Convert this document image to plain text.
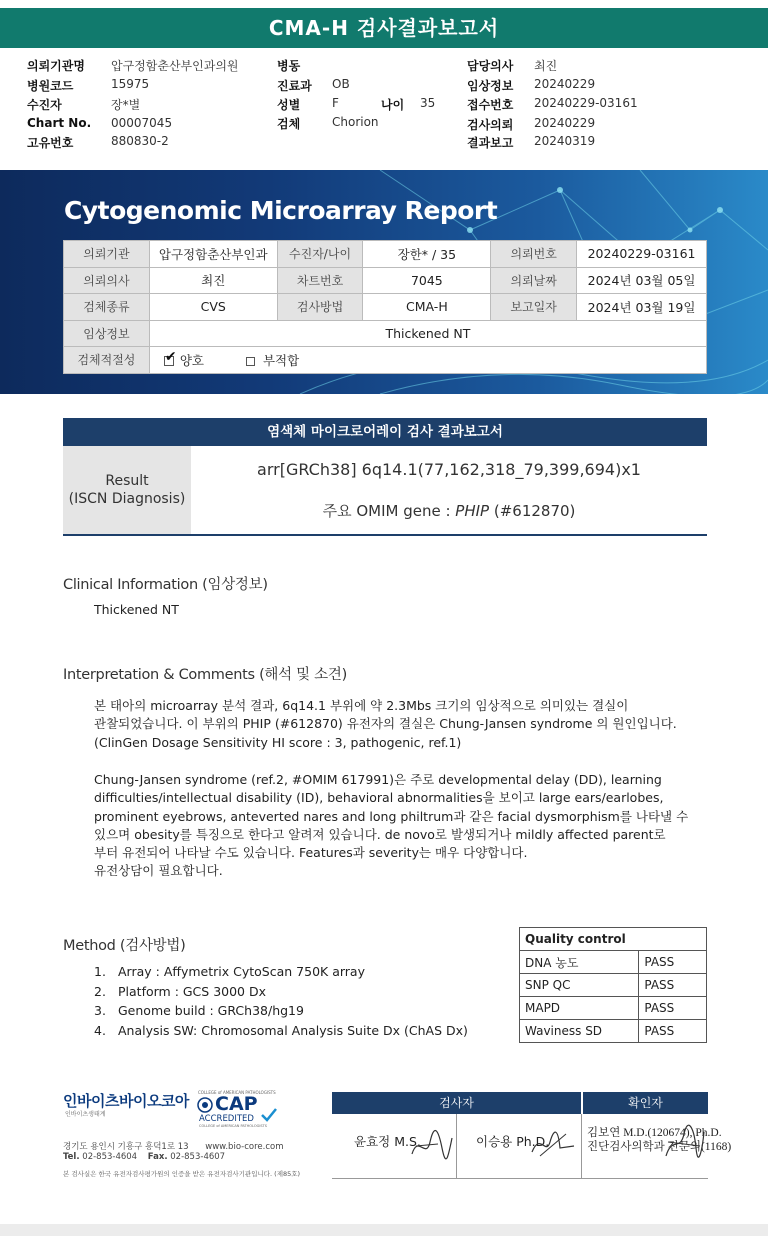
CMA-H 검사결과보고서
의뢰기관명 압구정함춘산부인과의원
병원코드	15975
수진자	장*별
Chart No. 00007045
고유번호	880830-2
병동
진료과 OB
성별	F	나이 35
검체	Chorion
담당의사 최진
임상정보 20240229
접수번호 20240229-03161
검사의뢰 20240229
결과보고 20240319
Cytogenomic Microarray Report
의뢰기관	압구정함춘산부인과	수진자/나이	장한* / 35	의뢰번호	20240229-03161
의뢰의사	최진	차트번호	7045	의뢰날짜	2024년 03월 05일
검체종류	CVS	검사방법	CMA-H	보고일자	2024년 03월 19일
임상정보	Thickened NT				
검체적절성	✔ 양호 부적합				
염색체 마이크로어레이 검사 결과보고서
Result
(ISCN Diagnosis)
arr[GRCh38] 6q14.1(77,162,318_79,399,694)x1
주요 OMIM gene : PHIP (#612870)
Clinical Information (임상정보)
Thickened NT
Interpretation & Comments (해석 및 소견)
본 태아의 microarray 분석 결과, 6q14.1 부위에 약 2.3Mbs 크기의 임상적으로 의미있는 결실이
관찰되었습니다. 이 부위의 PHIP (#612870) 유전자의 결실은 Chung-Jansen syndrome 의 원인입니다.
(ClinGen Dosage Sensitivity HI score : 3, pathogenic, ref.1)
Chung-Jansen syndrome (ref.2, #OMIM 617991)은 주로 developmental delay (DD), learning
difficulties/intellectual disability (ID), behavioral abnormalities을 보이고 large ears/earlobes,
prominent eyebrows, anteverted nares and long philtrum과 같은 facial dysmorphism를 나타낼 수
있으며 obesity를 특징으로 한다고 알려져 있습니다. de novo로 발생되거나 mildly affected parent로
부터 유전되어 나타날 수도 있습니다. Features과 severity는 매우 다양합니다.
유전상담이 필요합니다.
Method (검사방법)
1. Array : Affymetrix CytoScan 750K array
2. Platform : GCS 3000 Dx
3. Genome build : GRCh38/hg19
4. Analysis SW: Chromosomal Analysis Suite Dx (ChAS Dx)
Quality control	
DNA 농도	PASS
SNP QC	PASS
MAPD	PASS
Waviness SD	PASS
인바이츠바이오코아
인바이츠생태계
COLLEGE of AMERICAN PATHOLOGISTS
CAP
ACCREDITED
COLLEGE of AMERICAN PATHOLOGISTS
경기도 용인시 기흥구 흥덕1로 13 www.bio-core.com
Tel. 02-853-4604 Fax. 02-853-4607
본 검사실은 한국 유전자검사평가원의 인증을 받은 유전자검사기관입니다. (제85호)
검사자	확인자
윤효정 M.S.	이승용 Ph.D.
김보연 M.D.(120674), Ph.D.
진단검사의학과 전문의(1168)
